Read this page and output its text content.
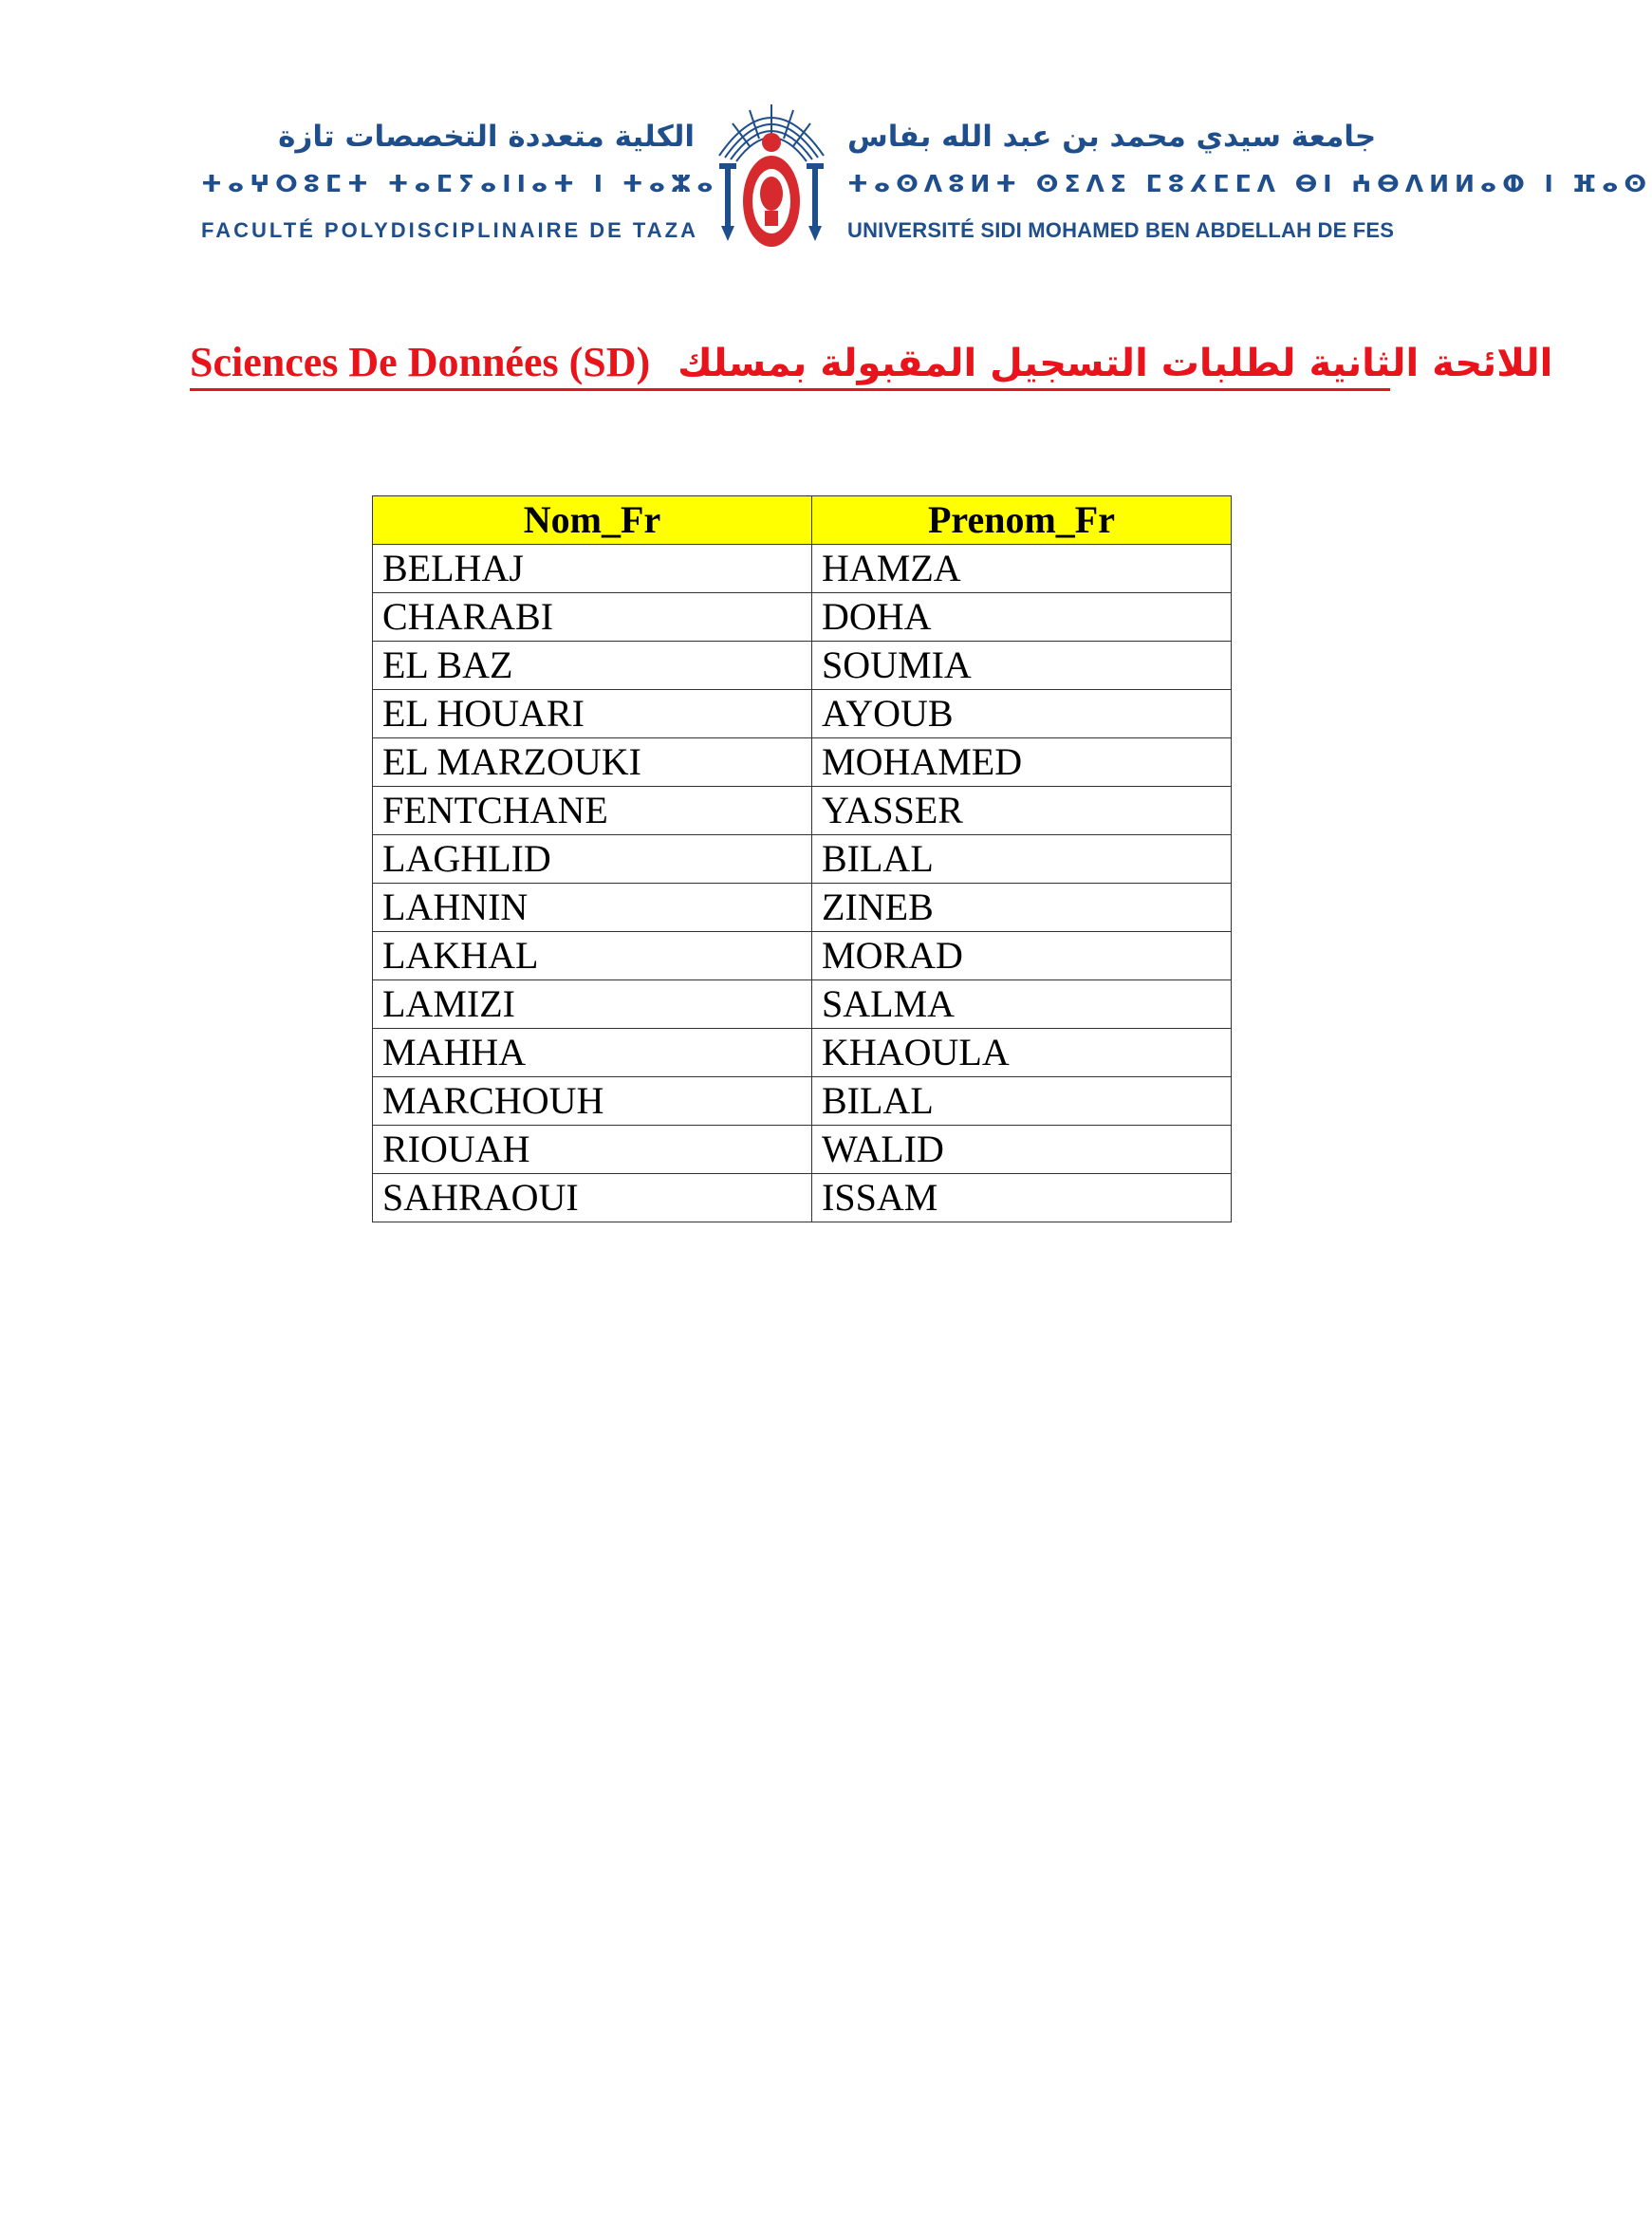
الكلية متعددة التخصصات تازة
ⵜⴰⵖⵔⵓⵎⵜ ⵜⴰⵎⵢⴰⵏⵏⴰⵜ ⵏ ⵜⴰⵣⴰ
FACULTÉ POLYDISCIPLINAIRE DE TAZA
جامعة سيدي محمد بن عبد الله بفاس
ⵜⴰⵙⴷⵓⵍⵜ ⵙⵉⴷⵉ ⵎⵓⵃⵎⵎⴷ ⴱⵏ ⵄⴱⴷⵍⵍⴰⵀ ⵏ ⴼⴰⵙ
UNIVERSITÉ SIDI MOHAMED BEN ABDELLAH DE FES
Sciences De Données (SD) اللائحة الثانية لطلبات التسجيل المقبولة بمسلك
Nom_Fr	Prenom_Fr
BELHAJ	HAMZA
CHARABI	DOHA
EL BAZ	SOUMIA
EL HOUARI	AYOUB
EL MARZOUKI	MOHAMED
FENTCHANE	YASSER
LAGHLID	BILAL
LAHNIN	ZINEB
LAKHAL	MORAD
LAMIZI	SALMA
MAHHA	KHAOULA
MARCHOUH	BILAL
RIOUAH	WALID
SAHRAOUI	ISSAM
